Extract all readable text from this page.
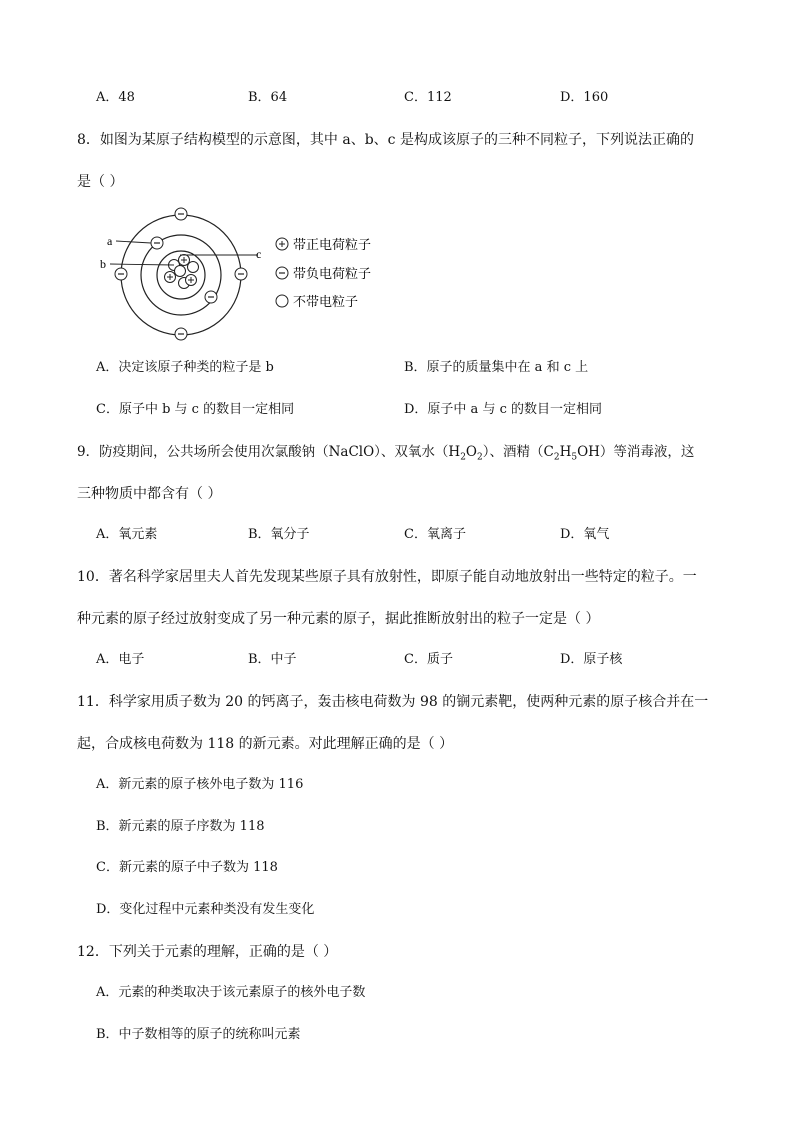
A．48	B．64	C．112	D．160
8．如图为某原子结构模型的示意图，其中 a、b、c 是构成该原子的三种不同粒子，下列说法正确的
是（ ）
a
b
c
带正电荷粒子
带负电荷粒子
不带电粒子
A．决定该原子种类的粒子是 b	B．原子的质量集中在 a 和 c 上
C．原子中 b 与 c 的数目一定相同	D．原子中 a 与 c 的数目一定相同
9．防疫期间，公共场所会使用次氯酸钠（NaClO）、双氧水$(H_2O_2)$、酒精$(C_2H_5OH)$等消毒液，这
三种物质中都含有（ ）
A．氧元素	B．氧分子	C．氧离子	D．氧气
10．著名科学家居里夫人首先发现某些原子具有放射性，即原子能自动地放射出一些特定的粒子。一
种元素的原子经过放射变成了另一种元素的原子，据此推断放射出的粒子一定是（ ）
A．电子	B．中子	C．质子	D．原子核
11．科学家用质子数为 20 的钙离子，轰击核电荷数为 98 的锎元素靶，使两种元素的原子核合并在一
起，合成核电荷数为 118 的新元素。对此理解正确的是（ ）
A．新元素的原子核外电子数为 116
B．新元素的原子序数为 118
C．新元素的原子中子数为 118
D．变化过程中元素种类没有发生变化
12．下列关于元素的理解，正确的是（ ）
A．元素的种类取决于该元素原子的核外电子数
B．中子数相等的原子的统称叫元素
